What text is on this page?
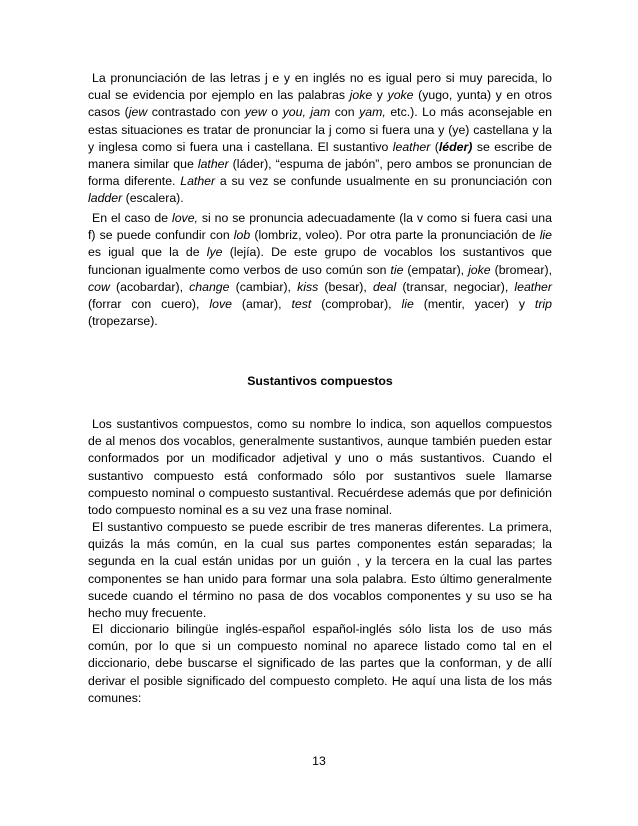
La pronunciación de las letras j e y en inglés no es igual pero si muy parecida, lo cual se evidencia por ejemplo en las palabras joke y yoke (yugo, yunta) y en otros casos (jew contrastado con yew o you, jam con yam, etc.). Lo más aconsejable en estas situaciones es tratar de pronunciar la j como si fuera una y (ye) castellana y la y inglesa como si fuera una i castellana. El sustantivo leather (léder) se escribe de manera similar que lather (láder), “espuma de jabón”, pero ambos se pronuncian de forma diferente. Lather a su vez se confunde usualmente en su pronunciación con ladder (escalera).

En el caso de love, si no se pronuncia adecuadamente (la v como si fuera casi una f) se puede confundir con lob (lombriz, voleo). Por otra parte la pronunciación de lie es igual que la de lye (lejía). De este grupo de vocablos los sustantivos que funcionan igualmente como verbos de uso común son tie (empatar), joke (bromear), cow (acobardar), change (cambiar), kiss (besar), deal (transar, negociar), leather (forrar con cuero), love (amar), test (comprobar), lie (mentir, yacer) y trip (tropezarse).

Sustantivos compuestos

Los sustantivos compuestos, como su nombre lo indica, son aquellos compuestos de al menos dos vocablos, generalmente sustantivos, aunque también pueden estar conformados por un modificador adjetival y uno o más sustantivos. Cuando el sustantivo compuesto está conformado sólo por sustantivos suele llamarse compuesto nominal o compuesto sustantival. Recuérdese además que por definición todo compuesto nominal es a su vez una frase nominal.

El sustantivo compuesto se puede escribir de tres maneras diferentes. La primera, quizás la más común, en la cual sus partes componentes están separadas; la segunda en la cual están unidas por un guión , y la tercera en la cual las partes componentes se han unido para formar una sola palabra. Esto último generalmente sucede cuando el término no pasa de dos vocablos componentes y su uso se ha hecho muy frecuente.

El diccionario bilingüe inglés-español español-inglés sólo lista los de uso más común, por lo que si un compuesto nominal no aparece listado como tal en el diccionario, debe buscarse el significado de las partes que la conforman, y de allí derivar el posible significado del compuesto completo. He aquí una lista de los más comunes:

13
